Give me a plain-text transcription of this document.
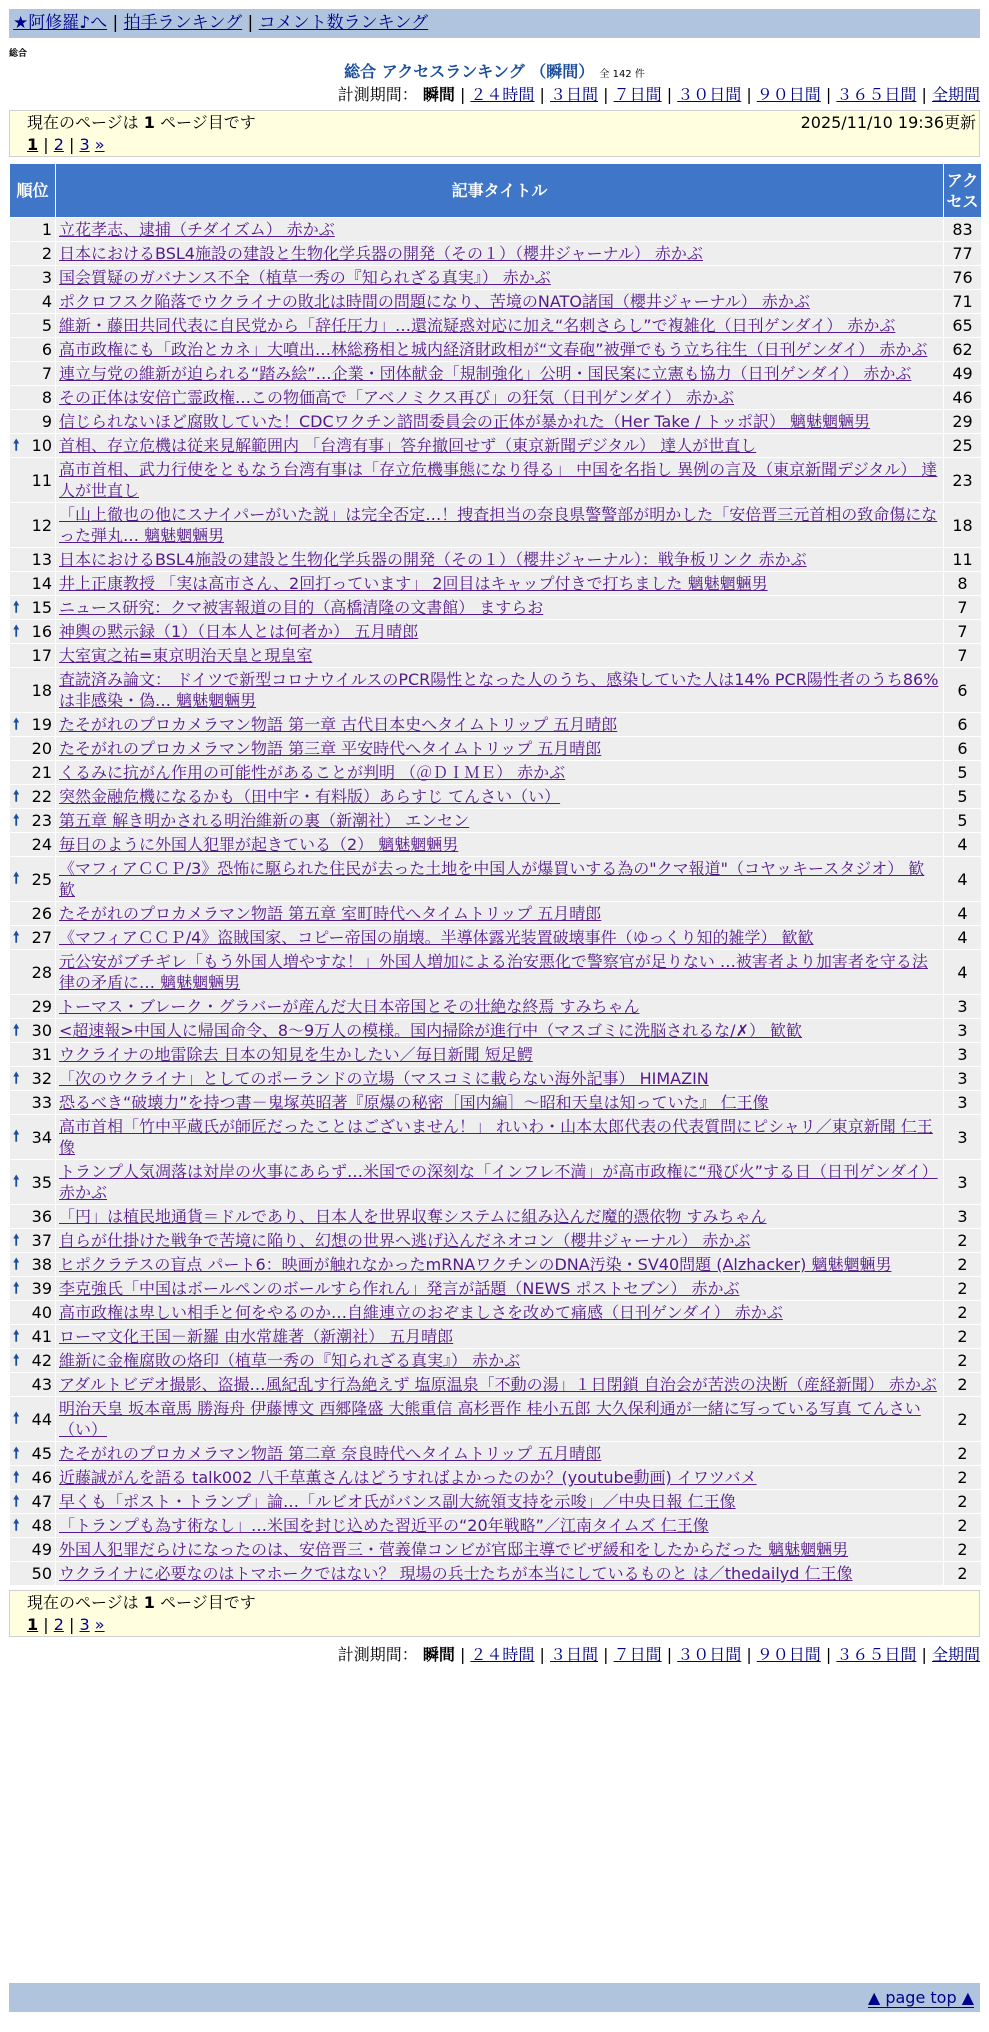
★阿修羅♪へ | 拍手ランキング | コメント数ランキング
総合
総合 アクセスランキング （瞬間） 全 142 件
計測期間： 瞬間 | ２４時間 | ３日間 | ７日間 | ３０日間 | ９０日間 | ３６５日間 | 全期間
現在のページは 1 ページ目です	2025/11/10 19:36更新
1 | 2 | 3 »
順位	記事タイトル	アクセス
1	立花孝志、逮捕（チダイズム） 赤かぶ	83
2	日本におけるBSL4施設の建設と生物化学兵器の開発（その１）（櫻井ジャーナル） 赤かぶ	77
3	国会質疑のガバナンス不全（植草一秀の『知られざる真実』） 赤かぶ	76
4	ポクロフスク陥落でウクライナの敗北は時間の問題になり、苦境のNATO諸国（櫻井ジャーナル） 赤かぶ	71
5	維新・藤田共同代表に自民党から「辞任圧力」…還流疑惑対応に加え“名刺さらし”で複雑化（日刊ゲンダイ） 赤かぶ	65
6	高市政権にも「政治とカネ」大噴出…林総務相と城内経済財政相が“文春砲”被弾でもう立ち往生（日刊ゲンダイ） 赤かぶ	62
7	連立与党の維新が迫られる“踏み絵”…企業・団体献金「規制強化」公明・国民案に立憲も協力（日刊ゲンダイ） 赤かぶ	49
8	その正体は安倍亡霊政権…この物価高で「アベノミクス再び」の狂気（日刊ゲンダイ） 赤かぶ	46
9	信じられないほど腐敗していた！CDCワクチン諮問委員会の正体が暴かれた（Her Take / トッポ訳） 魑魅魍魎男	29

🠕 10	首相、存立危機は従来見解範囲内 「台湾有事」答弁撤回せず（東京新聞デジタル） 達人が世直し	25
11	高市首相、武力行使をともなう台湾有事は「存立危機事態になり得る」 中国を名指し 異例の言及（東京新聞デジタル） 達人が世直し	23
12	「山上徹也の他にスナイパーがいた説」は完全否定…！捜査担当の奈良県警警部が明かした「安倍晋三元首相の致命傷になった弾丸… 魑魅魍魎男	18
13	日本におけるBSL4施設の建設と生物化学兵器の開発（その１）（櫻井ジャーナル）：戦争板リンク 赤かぶ	11
14	井上正康教授 「実は高市さん、2回打っています」 2回目はキャップ付きで打ちました 魑魅魍魎男	8

🠕 15	ニュース研究：クマ被害報道の目的（高橋清隆の文書館） ますらお	7

🠕 16	神輿の黙示録（1）（日本人とは何者か） 五月晴郎	7
17	大室寅之祐=東京明治天皇と現皇室	7
18	査読済み論文： ドイツで新型コロナウイルスのPCR陽性となった人のうち、感染していた人は14% PCR陽性者のうち86%は非感染・偽… 魑魅魍魎男	6

🠕 19	たそがれのプロカメラマン物語 第一章 古代日本史へタイムトリップ 五月晴郎	6
20	たそがれのプロカメラマン物語 第三章 平安時代へタイムトリップ 五月晴郎	6
21	くるみに抗がん作用の可能性があることが判明 （＠ＤＩＭＥ） 赤かぶ	5

🠕 22	突然金融危機になるかも（田中宇・有料版）あらすじ てんさい（い）	5

🠕 23	第五章 解き明かされる明治維新の裏（新潮社） エンセン	5
24	毎日のように外国人犯罪が起きている（2） 魑魅魍魎男	4

🠕 25	《マフィアＣＣＰ/3》恐怖に駆られた住民が去った土地を中国人が爆買いする為の"クマ報道"（コヤッキースタジオ） 歓歓	4
26	たそがれのプロカメラマン物語 第五章 室町時代へタイムトリップ 五月晴郎	4

🠕 27	《マフィアＣＣＰ/4》盗賊国家、コピー帝国の崩壊。半導体露光装置破壊事件（ゆっくり知的雑学） 歓歓	4
28	元公安がブチギレ「もう外国人増やすな！」外国人増加による治安悪化で警察官が足りない …被害者より加害者を守る法律の矛盾に… 魑魅魍魎男	4
29	トーマス・ブレーク・グラバーが産んだ大日本帝国とその壮絶な終焉 すみちゃん	3

🠕 30	<超速報>中国人に帰国命令、8～9万人の模様。国内掃除が進行中（マスゴミに洗脳されるな/✗） 歓歓	3
31	ウクライナの地雷除去 日本の知見を生かしたい／毎日新聞 短足鰐	3

🠕 32	「次のウクライナ」としてのポーランドの立場（マスコミに載らない海外記事） HIMAZIN	3
33	恐るべき“破壊力”を持つ書－鬼塚英昭著『原爆の秘密［国内編］～昭和天皇は知っていた』 仁王像	3

🠕 34	高市首相「竹中平蔵氏が師匠だったことはございません！」 れいわ・山本太郎代表の代表質問にピシャリ／東京新聞 仁王像	3

🠕 35	トランプ人気凋落は対岸の火事にあらず…米国での深刻な「インフレ不満」が高市政権に“飛び火”する日（日刊ゲンダイ） 赤かぶ	3
36	「円」は植民地通貨＝ドルであり、日本人を世界収奪システムに組み込んだ魔的憑依物 すみちゃん	3

🠕 37	自らが仕掛けた戦争で苦境に陥り、幻想の世界へ逃げ込んだネオコン（櫻井ジャーナル） 赤かぶ	2

🠕 38	ヒポクラテスの盲点 パート6：映画が触れなかったmRNAワクチンのDNA汚染・SV40問題 (Alzhacker) 魑魅魍魎男	2

🠕 39	李克強氏「中国はボールペンのボールすら作れん」発言が話題（NEWS ポストセブン） 赤かぶ	2
40	高市政権は卑しい相手と何をやるのか…自維連立のおぞましさを改めて痛感（日刊ゲンダイ） 赤かぶ	2

🠕 41	ローマ文化王国－新羅 由水常雄著（新潮社） 五月晴郎	2

🠕 42	維新に金権腐敗の烙印（植草一秀の『知られざる真実』） 赤かぶ	2
43	アダルトビデオ撮影、盗撮…風紀乱す行為絶えず 塩原温泉「不動の湯」１日閉鎖 自治会が苦渋の決断（産経新聞） 赤かぶ	2

🠕 44	明治天皇 坂本竜馬 勝海舟 伊藤博文 西郷隆盛 大熊重信 高杉晋作 桂小五郎 大久保利通が一緒に写っている写真 てんさい（い）	2

🠕 45	たそがれのプロカメラマン物語 第二章 奈良時代へタイムトリップ 五月晴郎	2

🠕 46	近藤誠がんを語る talk002 八千草薫さんはどうすればよかったのか？(youtube動画) イワツバメ	2

🠕 47	早くも「ポスト・トランプ」論…「ルビオ氏がバンス副大統領支持を示唆」／中央日報 仁王像	2

🠕 48	「トランプも為す術なし」…米国を封じ込めた習近平の“20年戦略”／江南タイムズ 仁王像	2
49	外国人犯罪だらけになったのは、安倍晋三・菅義偉コンビが官邸主導でビザ緩和をしたからだった 魑魅魍魎男	2
50	ウクライナに必要なのはトマホークではない？ 現場の兵士たちが本当にしているものと は／thedailyd 仁王像	2
現在のページは 1 ページ目です
1 | 2 | 3 »
計測期間： 瞬間 | ２４時間 | ３日間 | ７日間 | ３０日間 | ９０日間 | ３６５日間 | 全期間
▲ page top ▲
